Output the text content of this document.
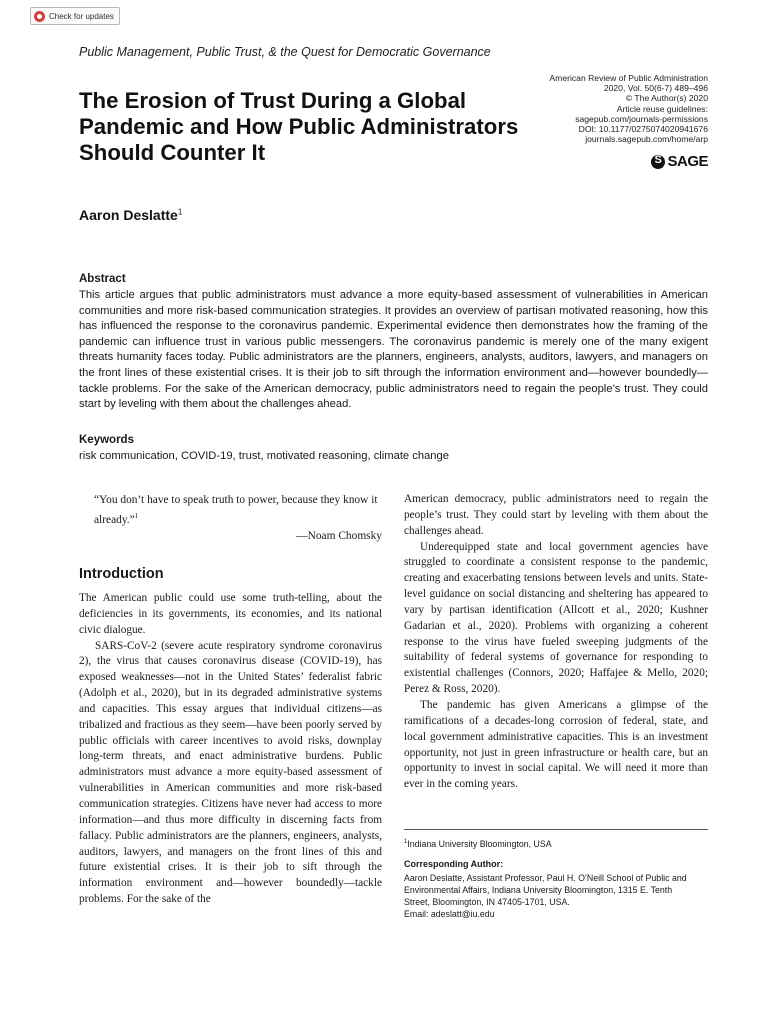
Check for updates
Public Management, Public Trust, & the Quest for Democratic Governance
American Review of Public Administration
2020, Vol. 50(6-7) 489–496
© The Author(s) 2020
Article reuse guidelines:
sagepub.com/journals-permissions
DOI: 10.1177/0275074020941676
journals.sagepub.com/home/arp
S
SAGE
The Erosion of Trust During a Global Pandemic and How Public Administrators Should Counter It
Aaron Deslatte$^1$
Abstract
This article argues that public administrators must advance a more equity-based assessment of vulnerabilities in American communities and more risk-based communication strategies. It provides an overview of partisan motivated reasoning, how this has influenced the response to the coronavirus pandemic. Experimental evidence then demonstrates how the framing of the pandemic can influence trust in various public messengers. The coronavirus pandemic is merely one of the many exigent threats humanity faces today. Public administrators are the planners, engineers, analysts, auditors, lawyers, and managers on the front lines of these existential crises. It is their job to sift through the information environment and—however boundedly—tackle problems. For the sake of the American democracy, public administrators need to regain the people’s trust. They could start by leveling with them about the challenges ahead.
Keywords
risk communication, COVID-19, trust, motivated reasoning, climate change
“You don’t have to speak truth to power, because they know it already.”$^1$
—Noam Chomsky
Introduction

The American public could use some truth-telling, about the deficiencies in its governments, its economies, and its national civic dialogue.

SARS-CoV-2 (severe acute respiratory syndrome coronavirus 2), the virus that causes coronavirus disease (COVID-19), has exposed weaknesses—not in the United States’ federalist fabric (Adolph et al., 2020), but in its degraded administrative systems and capacities. This essay argues that individual citizens—as tribalized and fractious as they seem—have been poorly served by public officials with career incentives to avoid risks, downplay long-term threats, and enact administrative burdens. Public administrators must advance a more equity-based assessment of vulnerabilities in American communities and more risk-based communication strategies. Citizens have never had access to more information—and thus more difficulty in discerning facts from fallacy. Public administrators are the planners, engineers, analysts, auditors, lawyers, and managers on the front lines of this and future existential crises. It is their job to sift through the information environment and—however boundedly—tackle problems. For the sake of the

American democracy, public administrators need to regain the people’s trust. They could start by leveling with them about the challenges ahead.

Underequipped state and local government agencies have struggled to coordinate a consistent response to the pandemic, creating and exacerbating tensions between levels and units. State-level guidance on social distancing and sheltering has appeared to vary by partisan identification (Allcott et al., 2020; Kushner Gadarian et al., 2020). Problems with organizing a coherent response to the virus have fueled sweeping judgments of the suitability of federal systems of governance for responding to existential challenges (Connors, 2020; Haffajee & Mello, 2020; Perez & Ross, 2020).

The pandemic has given Americans a glimpse of the ramifications of a decades-long corrosion of federal, state, and local government administrative capacities. This is an investment opportunity, not just in green infrastructure or health care, but an opportunity to invest in social capital. We will need it more than ever in the coming years.

$^1$Indiana University Bloomington, USA
Corresponding Author:
Aaron Deslatte, Assistant Professor, Paul H. O’Neill School of Public and
Environmental Affairs, Indiana University Bloomington, 1315 E. Tenth
Street, Bloomington, IN 47405-1701, USA.
Email: adeslatt@iu.edu
